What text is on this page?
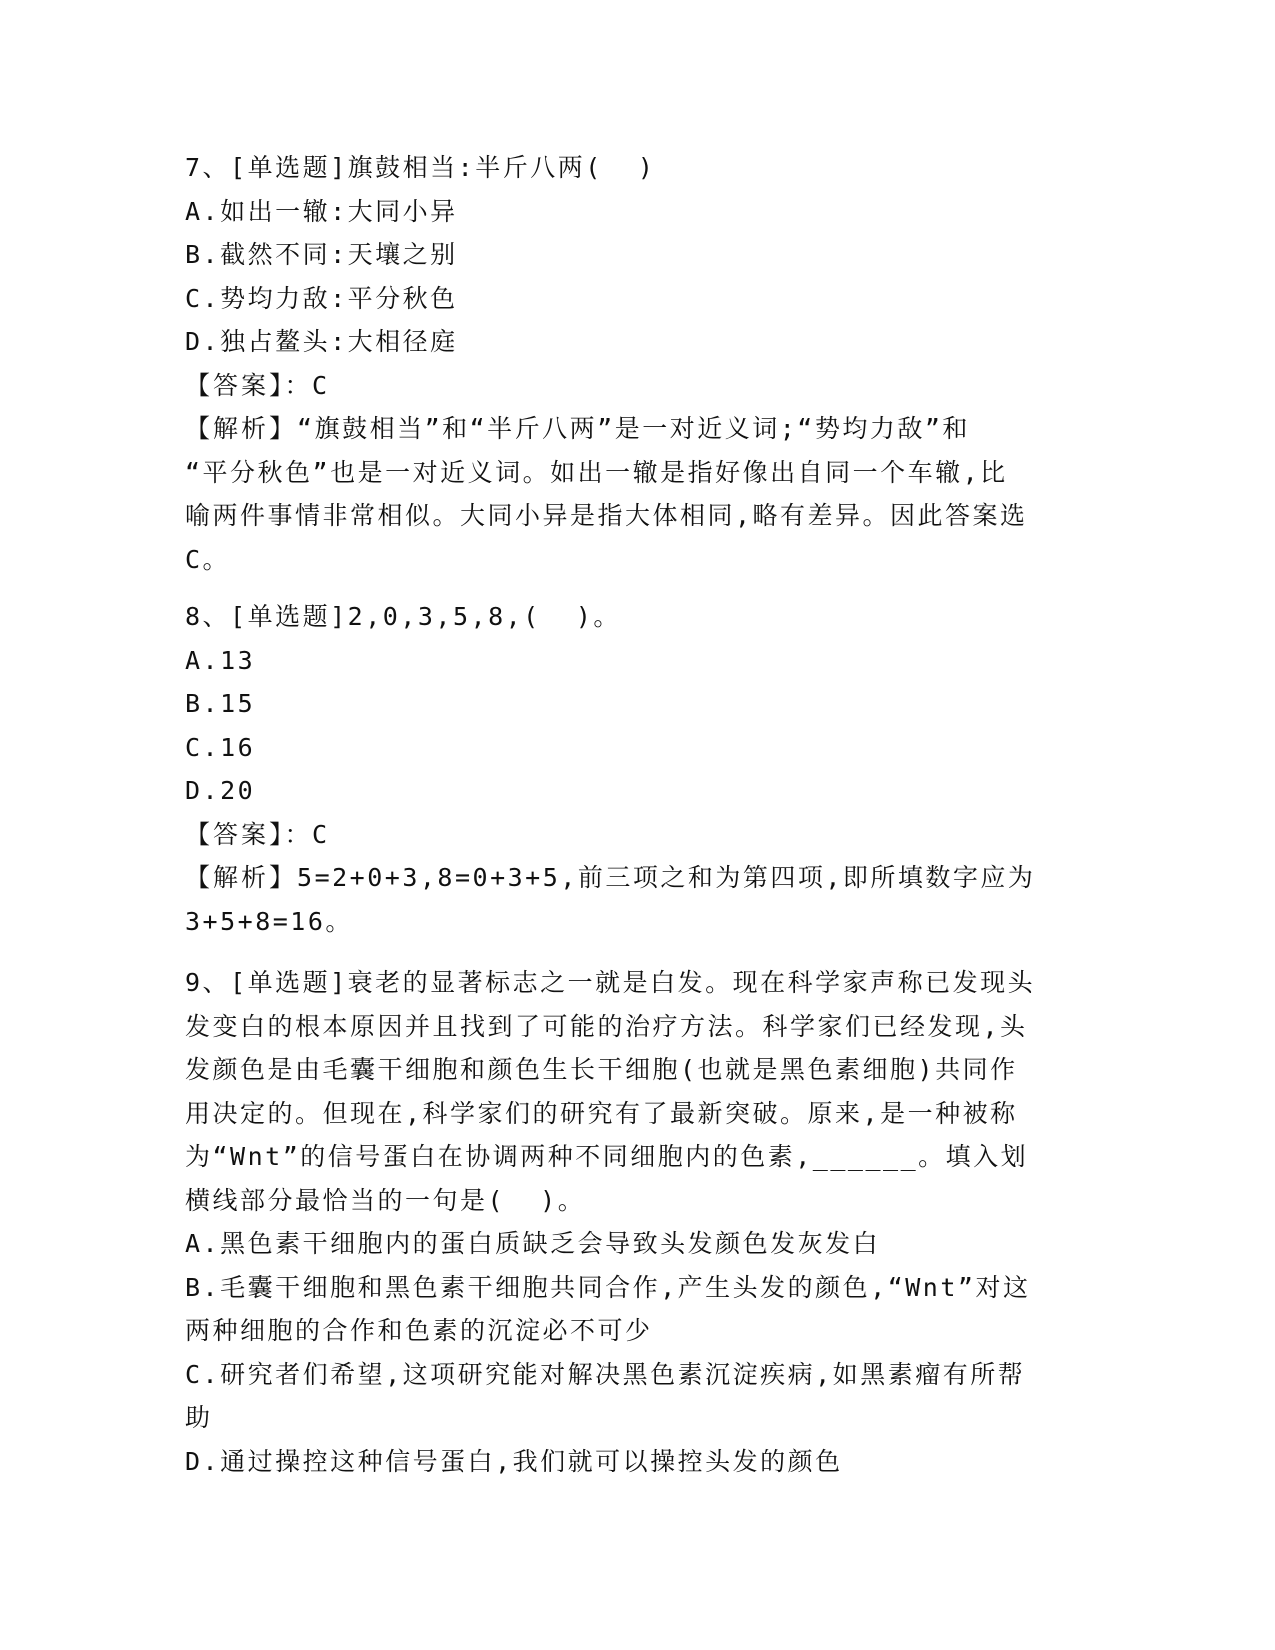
7、[单选题]旗鼓相当:半斤八两(  )
A.如出一辙:大同小异
B.截然不同:天壤之别
C.势均力敌:平分秋色
D.独占鳌头:大相径庭
【答案】：C
【解析】“旗鼓相当”和“半斤八两”是一对近义词;“势均力敌”和
“平分秋色”也是一对近义词。如出一辙是指好像出自同一个车辙,比
喻两件事情非常相似。大同小异是指大体相同,略有差异。因此答案选
C。
8、[单选题]2,0,3,5,8,(  )。
A.13
B.15
C.16
D.20
【答案】：C
【解析】5=2+0+3,8=0+3+5,前三项之和为第四项,即所填数字应为
3+5+8=16。
9、[单选题]衰老的显著标志之一就是白发。现在科学家声称已发现头
发变白的根本原因并且找到了可能的治疗方法。科学家们已经发现,头
发颜色是由毛囊干细胞和颜色生长干细胞(也就是黑色素细胞)共同作
用决定的。但现在,科学家们的研究有了最新突破。原来,是一种被称
为“Wnt”的信号蛋白在协调两种不同细胞内的色素,______。填入划
横线部分最恰当的一句是(  )。
A.黑色素干细胞内的蛋白质缺乏会导致头发颜色发灰发白
B.毛囊干细胞和黑色素干细胞共同合作,产生头发的颜色,“Wnt”对这
两种细胞的合作和色素的沉淀必不可少
C.研究者们希望,这项研究能对解决黑色素沉淀疾病,如黑素瘤有所帮
助
D.通过操控这种信号蛋白,我们就可以操控头发的颜色
